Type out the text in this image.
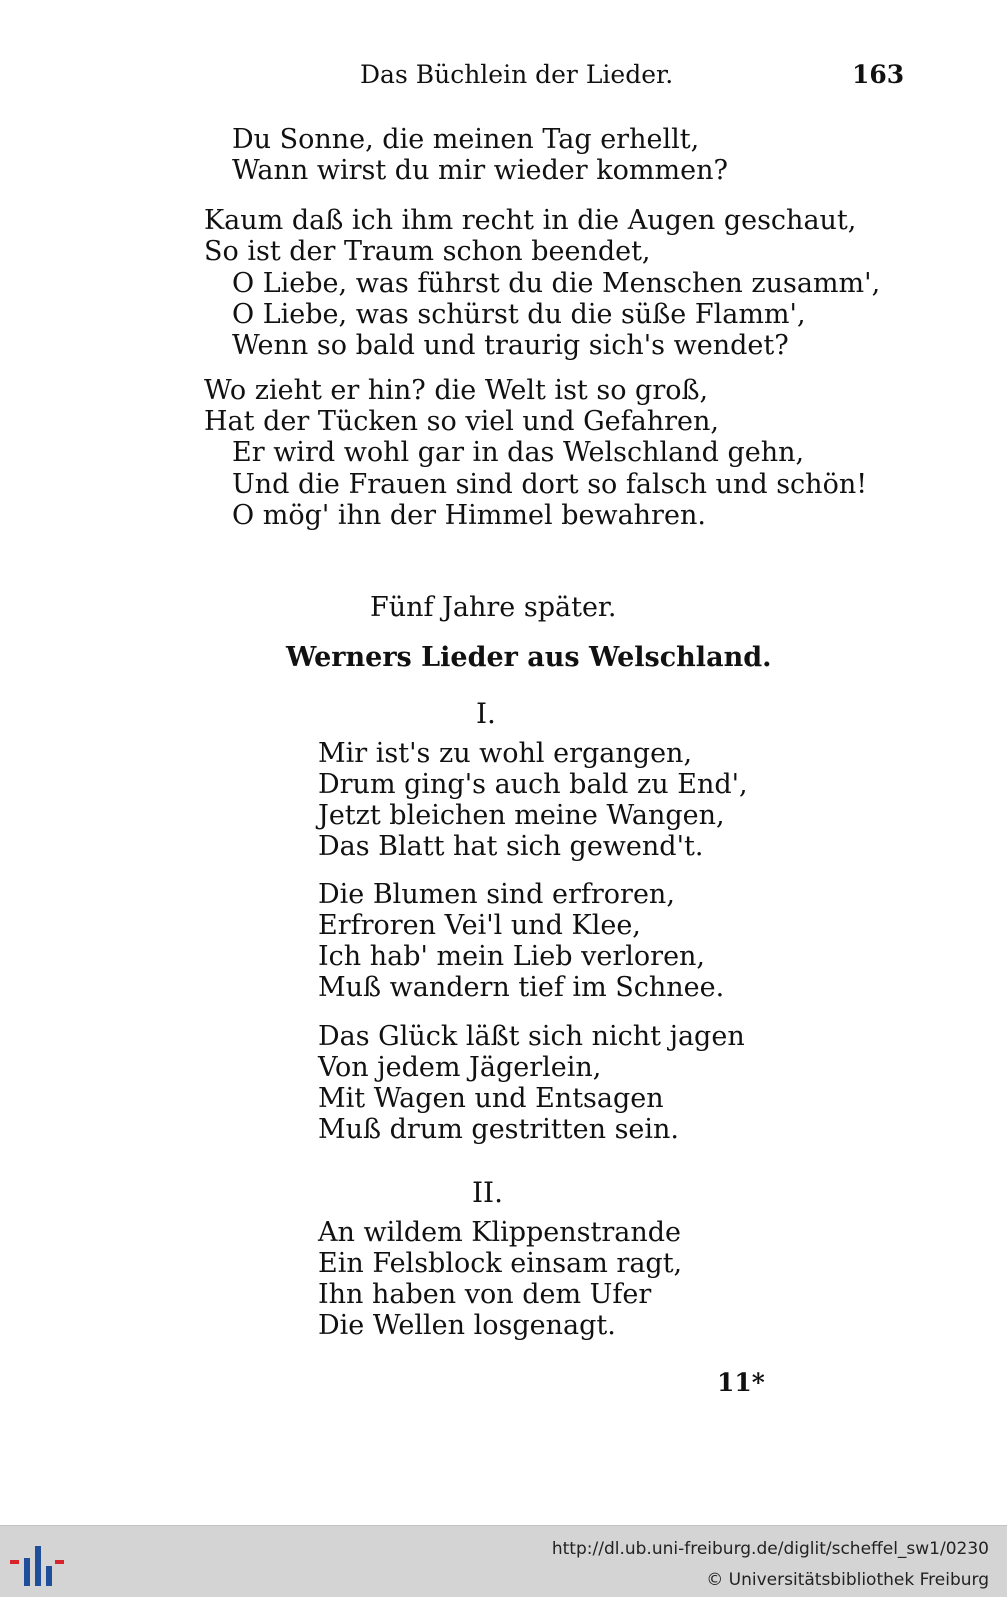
Das Büchlein der Lieder.	163
Du Sonne, die meinen Tag erhellt,
Wann wirst du mir wieder kommen?
Kaum daß ich ihm recht in die Augen geschaut,
So ist der Traum schon beendet,
O Liebe, was führst du die Menschen zusamm',
O Liebe, was schürst du die süße Flamm',
Wenn so bald und traurig sich's wendet?
Wo zieht er hin? die Welt ist so groß,
Hat der Tücken so viel und Gefahren,
Er wird wohl gar in das Welschland gehn,
Und die Frauen sind dort so falsch und schön!
O mög' ihn der Himmel bewahren.
Fünf Jahre später.
Werners Lieder aus Welschland.
I.
Mir ist's zu wohl ergangen,
Drum ging's auch bald zu End',
Jetzt bleichen meine Wangen,
Das Blatt hat sich gewend't.
Die Blumen sind erfroren,
Erfroren Vei'l und Klee,
Ich hab' mein Lieb verloren,
Muß wandern tief im Schnee.
Das Glück läßt sich nicht jagen
Von jedem Jägerlein,
Mit Wagen und Entsagen
Muß drum gestritten sein.
II.
An wildem Klippenstrande
Ein Felsblock einsam ragt,
Ihn haben von dem Ufer
Die Wellen losgenagt.
11*
http://dl.ub.uni-freiburg.de/diglit/scheffel_sw1/0230
© Universitätsbibliothek Freiburg
